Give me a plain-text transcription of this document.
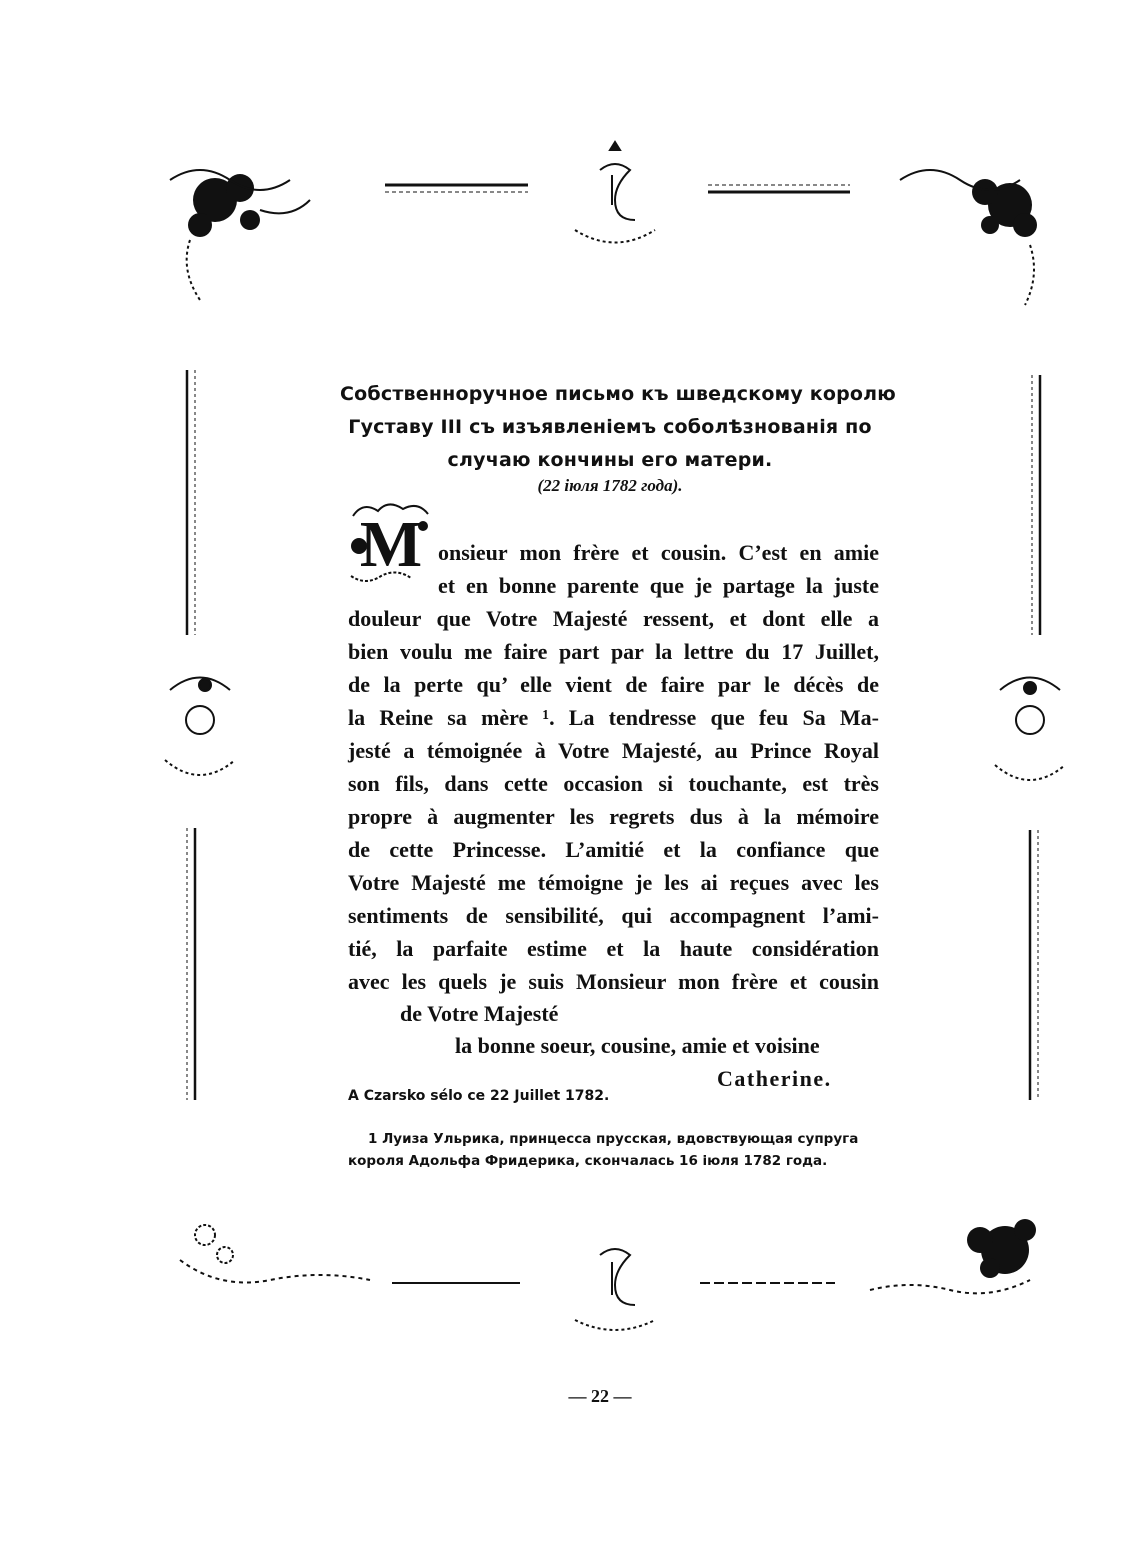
Собственноручное письмо къ шведскому королю
Густаву III съ изъявленіемъ соболѣзнованія по
случаю кончины его матери.
(22 іюля 1782 года).
M onsieur mon frère et cousin. C’est en amie
et en bonne parente que je partage la juste
douleur que Votre Majesté ressent, et dont elle a
bien voulu me faire part par la lettre du 17 Juillet,
de la perte qu’ elle vient de faire par le décès de
la Reine sa mère ¹. La tendresse que feu Sa Ma-
jesté a témoignée à Votre Majesté, au Prince Royal
son fils, dans cette occasion si touchante, est très
propre à augmenter les regrets dus à la mémoire
de cette Princesse. L’amitié et la confiance que
Votre Majesté me témoigne je les ai reçues avec les
sentiments de sensibilité, qui accompagnent l’ami-
tié, la parfaite estime et la haute considération
avec les quels je suis Monsieur mon frère et cousin
de Votre Majesté
la bonne soeur, cousine, amie et voisine
Catherine.
A Czarsko sélo ce 22 Juillet 1782.
1 Луиза Ульрика, принцесса прусская, вдовствующая супруга
короля Адольфа Фридерика, скончалась 16 іюля 1782 года.
— 22 —
